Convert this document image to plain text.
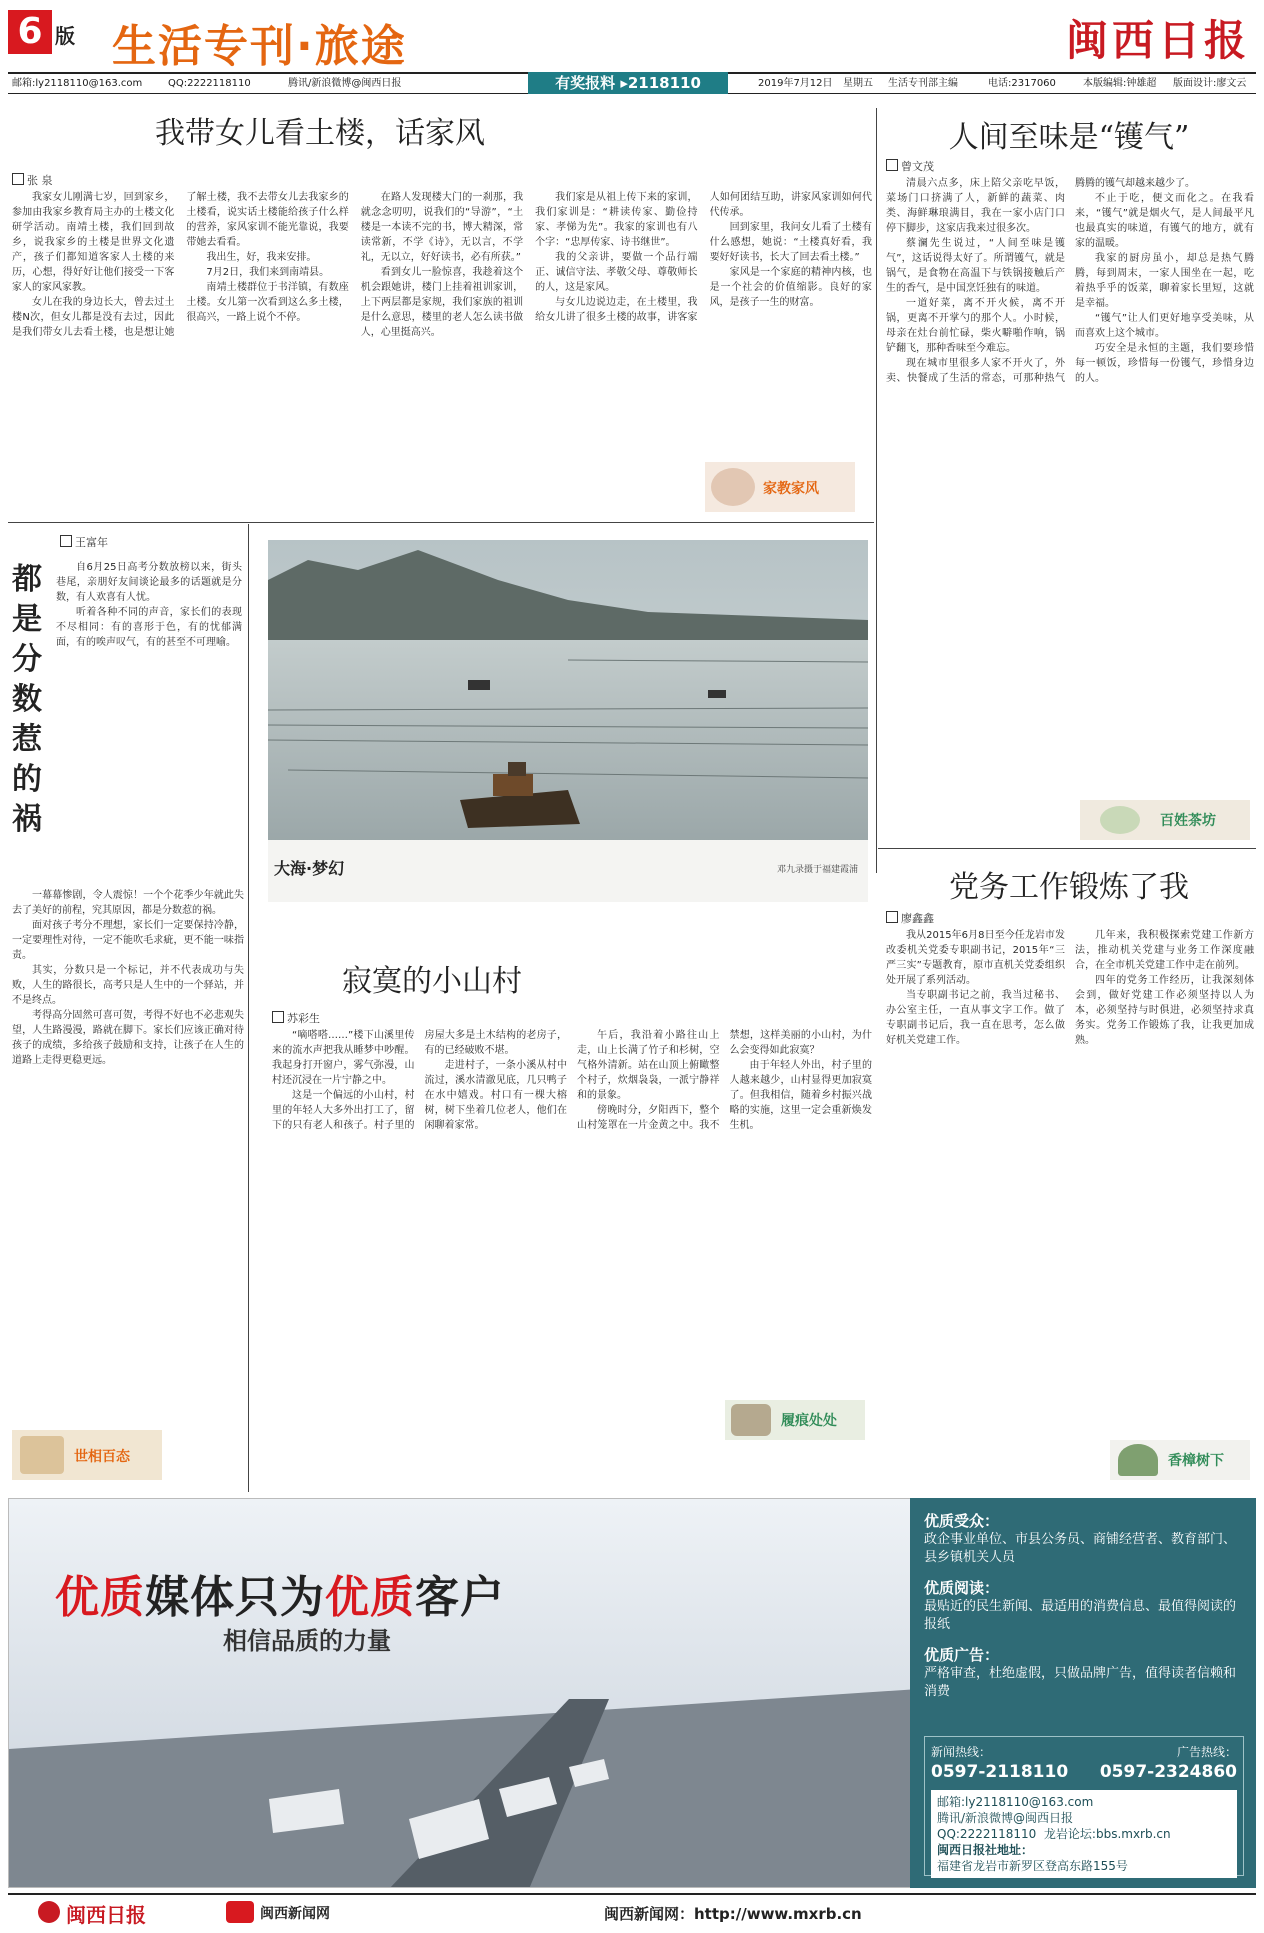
6 版 生活专刊·旅途	闽西日报
邮箱:ly2118110@163.com	QQ:2222118110	腾讯/新浪微博@闽西日报	2019年7月12日 星期五 生活专刊部主编	电话:2317060	本版编辑:钟雄超 版面设计:廖文云
有奖报料 ▸2118110
我带女儿看土楼，话家风
张 泉

我家女儿刚满七岁，回到家乡，参加由我家乡教育局主办的土楼文化研学活动。南靖土楼，我们回到故乡，说我家乡的土楼是世界文化遗产，孩子们都知道客家人土楼的来历，心想，得好好让他们接受一下客家人的家风家教。

女儿在我的身边长大，曾去过土楼N次，但女儿都是没有去过，因此是我们带女儿去看土楼，也是想让她了解土楼，我不去带女儿去我家乡的土楼看，说实话土楼能给孩子什么样的营养，家风家训不能光靠说，我要带她去看看。

我出生，好，我来安排。

7月2日，我们来到南靖县。

南靖土楼群位于书洋镇，有数座土楼。女儿第一次看到这么多土楼，很高兴，一路上说个不停。

在路人发现楼大门的一刹那，我就念念叨叨，说我们的“导游”，“土楼是一本读不完的书，博大精深，常读常新，不学《诗》，无以言，不学礼，无以立，好好读书，必有所获。”

看到女儿一脸惊喜，我趁着这个机会跟她讲，楼门上挂着祖训家训，上下两层都是家规，我们家族的祖训是什么意思，楼里的老人怎么读书做人，心里挺高兴。

我们家是从祖上传下来的家训，我们家训是：“耕读传家、勤俭持家、孝悌为先”。我家的家训也有八个字：“忠厚传家、诗书继世”。

我的父亲讲，要做一个品行端正、诚信守法、孝敬父母、尊敬师长的人，这是家风。

与女儿边说边走，在土楼里，我给女儿讲了很多土楼的故事，讲客家人如何团结互助，讲家风家训如何代代传承。

回到家里，我问女儿看了土楼有什么感想，她说：“土楼真好看，我要好好读书，长大了回去看土楼。”

家风是一个家庭的精神内核，也是一个社会的价值缩影。良好的家风，是孩子一生的财富。

家教家风
人间至味是“镬气”
曾文茂

清晨六点多，床上陪父亲吃早饭，菜场门口挤满了人，新鲜的蔬菜、肉类、海鲜琳琅满目，我在一家小店门口停下脚步，这家店我来过很多次。

蔡澜先生说过，“人间至味是镬气”，这话说得太好了。所谓镬气，就是锅气，是食物在高温下与铁锅接触后产生的香气，是中国烹饪独有的味道。

一道好菜，离不开火候，离不开锅，更离不开掌勺的那个人。小时候，母亲在灶台前忙碌，柴火噼啪作响，锅铲翻飞，那种香味至今难忘。

现在城市里很多人家不开火了，外卖、快餐成了生活的常态，可那种热气腾腾的镬气却越来越少了。

不止于吃，便文而化之。在我看来，“镬气”就是烟火气，是人间最平凡也最真实的味道，有镬气的地方，就有家的温暖。

我家的厨房虽小，却总是热气腾腾，每到周末，一家人围坐在一起，吃着热乎乎的饭菜，聊着家长里短，这就是幸福。

“镬气”让人们更好地享受美味，从而喜欢上这个城市。

巧安全是永恒的主题，我们要珍惜每一顿饭，珍惜每一份镬气，珍惜身边的人。

百姓茶坊
党务工作锻炼了我
廖鑫鑫

我从2015年6月8日至今任龙岩市发改委机关党委专职副书记，2015年“三严三实”专题教育，原市直机关党委组织处开展了系列活动。

当专职副书记之前，我当过秘书、办公室主任，一直从事文字工作。做了专职副书记后，我一直在思考，怎么做好机关党建工作。

几年来，我积极探索党建工作新方法，推动机关党建与业务工作深度融合，在全市机关党建工作中走在前列。

四年的党务工作经历，让我深刻体会到，做好党建工作必须坚持以人为本，必须坚持与时俱进，必须坚持求真务实。党务工作锻炼了我，让我更加成熟。

香樟树下
王富年
都是分数惹的祸

自6月25日高考分数放榜以来，街头巷尾，亲朋好友间谈论最多的话题就是分数，有人欢喜有人忧。

听着各种不同的声音，家长们的表现不尽相同：有的喜形于色，有的忧郁满面，有的唉声叹气，有的甚至不可理喻。

一幕幕惨剧，令人震惊！一个个花季少年就此失去了美好的前程，究其原因，都是分数惹的祸。

面对孩子考分不理想，家长们一定要保持冷静，一定要理性对待，一定不能吹毛求疵，更不能一味指责。

其实，分数只是一个标记，并不代表成功与失败，人生的路很长，高考只是人生中的一个驿站，并不是终点。

考得高分固然可喜可贺，考得不好也不必悲观失望，人生路漫漫，路就在脚下。家长们应该正确对待孩子的成绩，多给孩子鼓励和支持，让孩子在人生的道路上走得更稳更远。

世相百态
大海·梦幻	邓九录摄于福建霞浦
寂寞的小山村
苏彩生

“嘀嗒嗒……”楼下山溪里传来的流水声把我从睡梦中吵醒。我起身打开窗户，雾气弥漫，山村还沉浸在一片宁静之中。

这是一个偏远的小山村，村里的年轻人大多外出打工了，留下的只有老人和孩子。村子里的房屋大多是土木结构的老房子，有的已经破败不堪。

走进村子，一条小溪从村中流过，溪水清澈见底，几只鸭子在水中嬉戏。村口有一棵大榕树，树下坐着几位老人，他们在闲聊着家常。

午后，我沿着小路往山上走，山上长满了竹子和杉树，空气格外清新。站在山顶上俯瞰整个村子，炊烟袅袅，一派宁静祥和的景象。

傍晚时分，夕阳西下，整个山村笼罩在一片金黄之中。我不禁想，这样美丽的小山村，为什么会变得如此寂寞？

由于年轻人外出，村子里的人越来越少，山村显得更加寂寞了。但我相信，随着乡村振兴战略的实施，这里一定会重新焕发生机。

履痕处处
优质媒体只为优质客户
相信品质的力量
优质受众：
政企事业单位、市县公务员、商铺经营者、教育部门、县乡镇机关人员
优质阅读：
最贴近的民生新闻、最适用的消费信息、最值得阅读的报纸
优质广告：
严格审查，杜绝虚假，只做品牌广告，值得读者信赖和消费
新闻热线：	广告热线：
0597-2118110 0597-2324860
邮箱:ly2118110@163.com
腾讯/新浪微博@闽西日报
QQ:2222118110 龙岩论坛:bbs.mxrb.cn
闽西日报社地址：
福建省龙岩市新罗区登高东路155号
闽西日报	闽西新闻网	闽西新闻网：http://www.mxrb.cn
